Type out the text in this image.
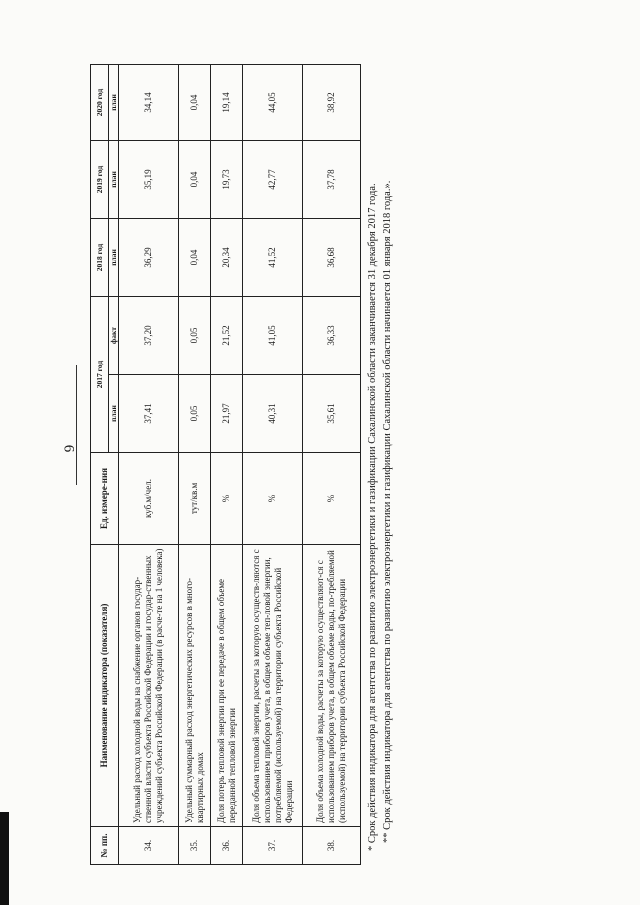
6
№ пп.	Наименование индикатора (показателя)	Ед. измере-ния	2017 год		2018 год	2019 год	2020 год
			план	факт	план	план	план

34.	Удельный расход холодной воды на снабжение органов государ-ственной власти субъекта Российской Федерации и государ-ственных учреждений субъекта Российской Федерации (в расче-те на 1 человека)	куб.м/чел.	37,41	37,20	36,29	35,19	34,14
35.	Удельный суммарный расход энергетических ресурсов в много-квартирных домах	тут/кв.м	0,05	0,05	0,04	0,04	0,04
36.	Доля потерь тепловой энергии при ее передаче в общем объеме переданной тепловой энергии	%	21,97	21,52	20,34	19,73	19,14
37.	Доля объема тепловой энергии, расчеты за которую осуществ-ляются с использованием приборов учета, в общем объеме теп-ловой энергии, потребляемой (используемой) на территории субъекта Российской Федерации	%	40,31	41,05	41,52	42,77	44,05
38.	Доля объема холодной воды, расчеты за которую осуществляют-ся с использованием приборов учета, в общем объеме воды, по-требляемой (используемой) на территории субъекта Российской Федерации	%	35,61	36,33	36,68	37,78	38,92

* Срок действия индикатора для агентства по развитию электроэнергетики и газификации Сахалинской области заканчивается 31 декабря 2017 года. ** Срок действия индикатора для агентства по развитию электроэнергетики и газификации Сахалинской области начинается 01 января 2018 года.».
